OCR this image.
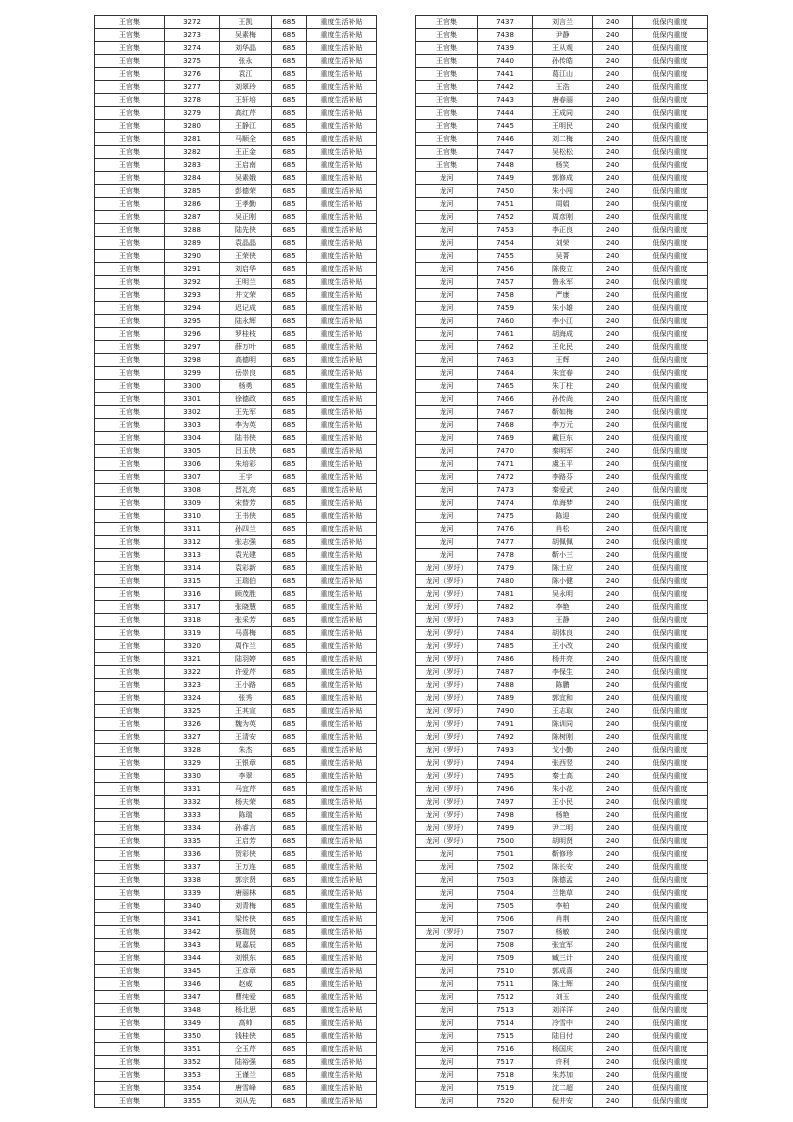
王官集	3272	王凯	685	重度生活补贴
王官集	3273	吴素梅	685	重度生活补贴
王官集	3274	刘华晶	685	重度生活补贴
王官集	3275	张永	685	重度生活补贴
王官集	3276	袁江	685	重度生活补贴
王官集	3277	刘翠玲	685	重度生活补贴
王官集	3278	王轩培	685	重度生活补贴
王官集	3279	高红芹	685	重度生活补贴
王官集	3280	王静江	685	重度生活补贴
王官集	3281	马顺全	685	重度生活补贴
王官集	3282	王正金	685	重度生活补贴
王官集	3283	王启南	685	重度生活补贴
王官集	3284	吴素娥	685	重度生活补贴
王官集	3285	彭德荣	685	重度生活补贴
王官集	3286	王孝勤	685	重度生活补贴
王官集	3287	吴正刚	685	重度生活补贴
王官集	3288	陆先侠	685	重度生活补贴
王官集	3289	袁晶晶	685	重度生活补贴
王官集	3290	王荣侠	685	重度生活补贴
王官集	3291	刘启华	685	重度生活补贴
王官集	3292	王明兰	685	重度生活补贴
王官集	3293	井文荣	685	重度生活补贴
王官集	3294	迟记成	685	重度生活补贴
王官集	3295	陆永辉	685	重度生活补贴
王官集	3296	罗桂枝	685	重度生活补贴
王官集	3297	薛万叶	685	重度生活补贴
王官集	3298	高德明	685	重度生活补贴
王官集	3299	岳崇良	685	重度生活补贴
王官集	3300	杨勇	685	重度生活补贴
王官集	3301	徐德政	685	重度生活补贴
王官集	3302	王先军	685	重度生活补贴
王官集	3303	李为英	685	重度生活补贴
王官集	3304	陆书侠	685	重度生活补贴
王官集	3305	吕玉侠	685	重度生活补贴
王官集	3306	朱培彩	685	重度生活补贴
王官集	3307	王宇	685	重度生活补贴
王官集	3308	晋礼亮	685	重度生活补贴
王官集	3309	宋替芳	685	重度生活补贴
王官集	3310	王书侠	685	重度生活补贴
王官集	3311	孙四兰	685	重度生活补贴
王官集	3312	张志强	685	重度生活补贴
王官集	3313	袁光建	685	重度生活补贴
王官集	3314	袁彩新	685	重度生活补贴
王官集	3315	王瑞伯	685	重度生活补贴
王官集	3316	顾茂胜	685	重度生活补贴
王官集	3317	张晓慧	685	重度生活补贴
王官集	3318	张采芳	685	重度生活补贴
王官集	3319	马喜梅	685	重度生活补贴
王官集	3320	周作兰	685	重度生活补贴
王官集	3321	陆羽婷	685	重度生活补贴
王官集	3322	许爱芹	685	重度生活补贴
王官集	3323	王小路	685	重度生活补贴
王官集	3324	张秀	685	重度生活补贴
王官集	3325	王其宣	685	重度生活补贴
王官集	3326	魏为英	685	重度生活补贴
王官集	3327	王清安	685	重度生活补贴
王官集	3328	朱杰	685	重度生活补贴
王官集	3329	王银章	685	重度生活补贴
王官集	3330	李翠	685	重度生活补贴
王官集	3331	马宜芹	685	重度生活补贴
王官集	3332	杨夫荣	685	重度生活补贴
王官集	3333	陈瑞	685	重度生活补贴
王官集	3334	孙睿言	685	重度生活补贴
王官集	3335	王启芳	685	重度生活补贴
王官集	3336	贺彩侠	685	重度生活补贴
王官集	3337	王万连	685	重度生活补贴
王官集	3338	郭宗贤	685	重度生活补贴
王官集	3339	唐丽林	685	重度生活补贴
王官集	3340	刘青梅	685	重度生活补贴
王官集	3341	梁传侠	685	重度生活补贴
王官集	3342	蔡瑞贤	685	重度生活补贴
王官集	3343	晁嘉辰	685	重度生活补贴
王官集	3344	刘银东	685	重度生活补贴
王官集	3345	王彦章	685	重度生活补贴
王官集	3346	赵威	685	重度生活补贴
王官集	3347	曹纯爱	685	重度生活补贴
王官集	3348	杨北思	685	重度生活补贴
王官集	3349	高帅	685	重度生活补贴
王官集	3350	钱桂侠	685	重度生活补贴
王官集	3351	仝玉芹	685	重度生活补贴
王官集	3352	陆裕强	685	重度生活补贴
王官集	3353	王谨兰	685	重度生活补贴
王官集	3354	唐雪峰	685	重度生活补贴
王官集	3355	刘从先	685	重度生活补贴
王官集	7437	刘言兰	240	低保内重度
王官集	7438	尹静	240	低保内重度
王官集	7439	王从观	240	低保内重度
王官集	7440	孙传皓	240	低保内重度
王官集	7441	葛江山	240	低保内重度
王官集	7442	王浩	240	低保内重度
王官集	7443	唐春丽	240	低保内重度
王官集	7444	王成同	240	低保内重度
王官集	7445	王明民	240	低保内重度
王官集	7446	刘二梅	240	低保内重度
王官集	7447	吴松松	240	低保内重度
王官集	7448	杨笑	240	低保内重度
龙河	7449	郭修成	240	低保内重度
龙河	7450	朱小闯	240	低保内重度
龙河	7451	周娟	240	低保内重度
龙河	7452	周彦刚	240	低保内重度
龙河	7453	李正良	240	低保内重度
龙河	7454	刘荣	240	低保内重度
龙河	7455	吴菁	240	低保内重度
龙河	7456	陈俊立	240	低保内重度
龙河	7457	鲁永军	240	低保内重度
龙河	7458	严康	240	低保内重度
龙河	7459	朱小雄	240	低保内重度
龙河	7460	李小江	240	低保内重度
龙河	7461	胡海成	240	低保内重度
龙河	7462	王化民	240	低保内重度
龙河	7463	王辉	240	低保内重度
龙河	7464	朱宜春	240	低保内重度
龙河	7465	朱丁柱	240	低保内重度
龙河	7466	孙传尚	240	低保内重度
龙河	7467	靳如梅	240	低保内重度
龙河	7468	李万元	240	低保内重度
龙河	7469	戴巨东	240	低保内重度
龙河	7470	秦明军	240	低保内重度
龙河	7471	虞玉平	240	低保内重度
龙河	7472	李路芬	240	低保内重度
龙河	7473	秦爱武	240	低保内重度
龙河	7474	单海梦	240	低保内重度
龙河	7475	陈迎	240	低保内重度
龙河	7476	肖松	240	低保内重度
龙河	7477	胡佩佩	240	低保内重度
龙河	7478	靳小三	240	低保内重度
龙河（罗圩）	7479	陈士应	240	低保内重度
龙河（罗圩）	7480	陈小健	240	低保内重度
龙河（罗圩）	7481	吴永明	240	低保内重度
龙河（罗圩）	7482	李艳	240	低保内重度
龙河（罗圩）	7483	王静	240	低保内重度
龙河（罗圩）	7484	胡体良	240	低保内重度
龙河（罗圩）	7485	王小改	240	低保内重度
龙河（罗圩）	7486	杨井亮	240	低保内重度
龙河（罗圩）	7487	李保生	240	低保内重度
龙河（罗圩）	7488	陈鹏	240	低保内重度
龙河（罗圩）	7489	郭宜和	240	低保内重度
龙河（罗圩）	7490	王志取	240	低保内重度
龙河（罗圩）	7491	陈训同	240	低保内重度
龙河（罗圩）	7492	陈树刚	240	低保内重度
龙河（罗圩）	7493	戈小勤	240	低保内重度
龙河（罗圩）	7494	张西竖	240	低保内重度
龙河（罗圩）	7495	秦士高	240	低保内重度
龙河（罗圩）	7496	朱小花	240	低保内重度
龙河（罗圩）	7497	王小民	240	低保内重度
龙河（罗圩）	7498	杨艳	240	低保内重度
龙河（罗圩）	7499	尹二明	240	低保内重度
龙河（罗圩）	7500	胡明贤	240	低保内重度
龙河	7501	靳修珍	240	低保内重度
龙河	7502	陈长安	240	低保内重度
龙河	7503	陈德孟	240	低保内重度
龙河	7504	兰艳草	240	低保内重度
龙河	7505	李柏	240	低保内重度
龙河	7506	肖荆	240	低保内重度
龙河（罗圩）	7507	杨敏	240	低保内重度
龙河	7508	张宜军	240	低保内重度
龙河	7509	臧三计	240	低保内重度
龙河	7510	郭成喜	240	低保内重度
龙河	7511	陈士辉	240	低保内重度
龙河	7512	刘玉	240	低保内重度
龙河	7513	刘洋洋	240	低保内重度
龙河	7514	冷雪中	240	低保内重度
龙河	7515	陆目付	240	低保内重度
龙河	7516	杨国庆	240	低保内重度
龙河	7517	许利	240	低保内重度
龙河	7518	朱苏加	240	低保内重度
龙河	7519	沈二超	240	低保内重度
龙河	7520	倪井安	240	低保内重度
